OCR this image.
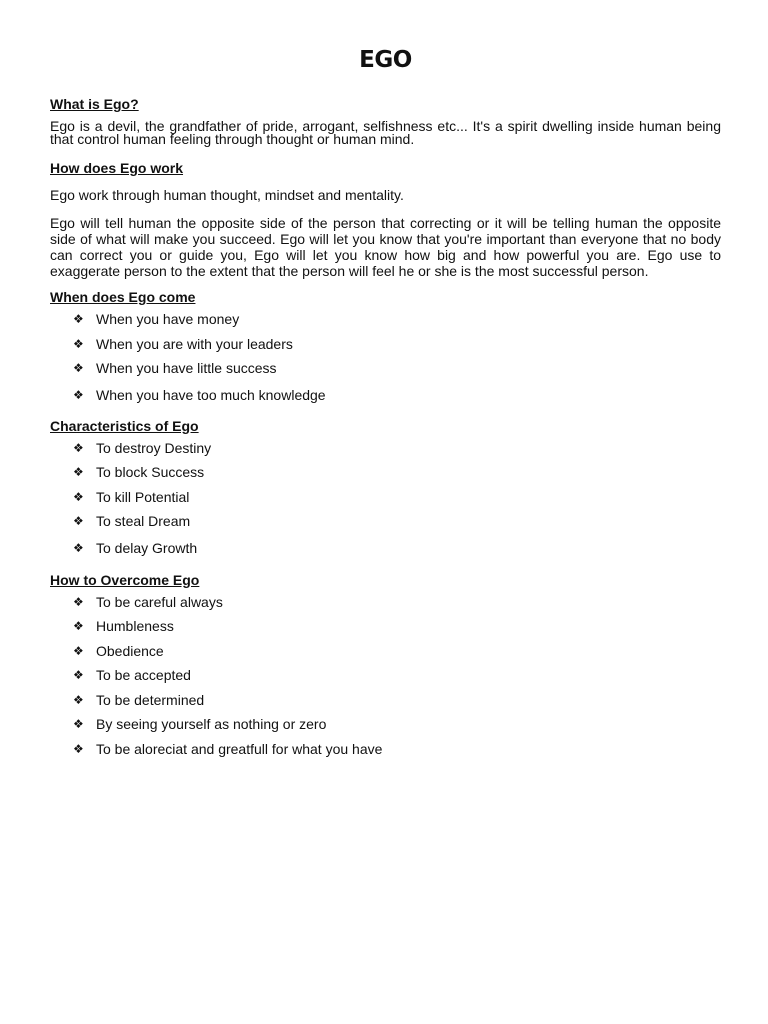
EGO
What is Ego?

Ego is a devil, the grandfather of pride, arrogant, selfishness etc... It's a spirit dwelling inside human being that control human feeling through thought or human mind.

How does Ego work

Ego work through human thought, mindset and mentality.

Ego will tell human the opposite side of the person that correcting or it will be telling human the opposite side of what will make you succeed. Ego will let you know that you're important than everyone that no body can correct you or guide you, Ego will let you know how big and how powerful you are. Ego use to exaggerate person to the extent that the person will feel he or she is the most successful person.

When does Ego come
❖ When you have money
❖ When you are with your leaders
❖ When you have little success
❖ When you have too much knowledge
Characteristics of Ego
❖ To destroy Destiny
❖ To block Success
❖ To kill Potential
❖ To steal Dream
❖ To delay Growth
How to Overcome Ego
❖ To be careful always
❖ Humbleness
❖ Obedience
❖ To be accepted
❖ To be determined
❖ By seeing yourself as nothing or zero
❖ To be aloreciat and greatfull for what you have
